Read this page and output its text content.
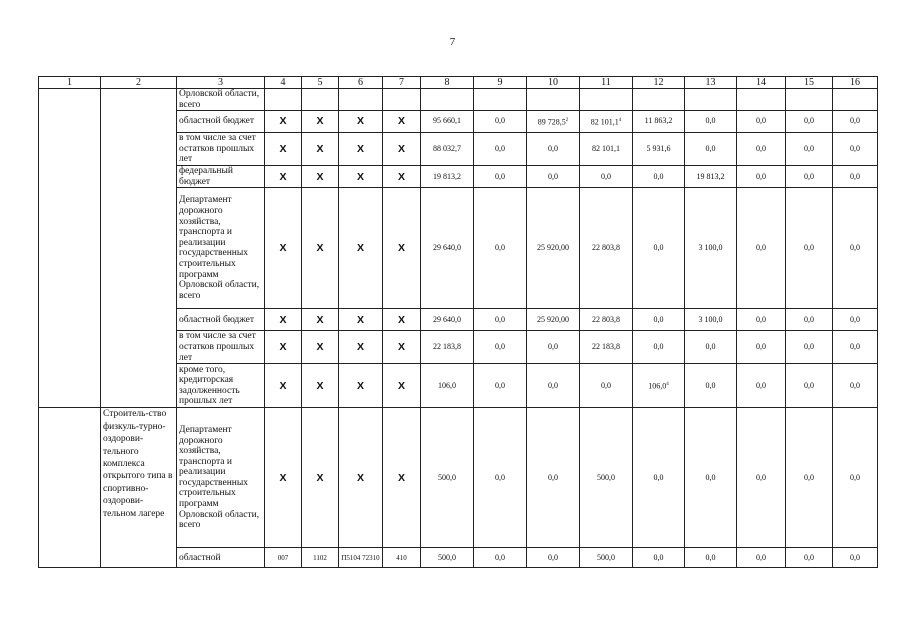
7
1	2	3	4	5	6	7	8	9	10	11	12	13	14	15	16
		Орловской области, всего													
		областной бюджет	X	X	X	X	95 660,1	0,0	89 728,5$^2$	82 101,1$^4$	11 863,2	0,0	0,0	0,0	0,0
		в том числе за счет остатков прошлых лет	X	X	X	X	88 032,7	0,0	0,0	82 101,1	5 931,6	0,0	0,0	0,0	0,0
		федеральный бюджет	X	X	X	X	19 813,2	0,0	0,0	0,0	0,0	19 813,2	0,0	0,0	0,0
		Департамент дорожного хозяйства, транспорта и реализации государственных строительных программ Орловской области, всего	X	X	X	X	29 640,0	0,0	25 920,00	22 803,8	0,0	3 100,0	0,0	0,0	0,0
		областной бюджет	X	X	X	X	29 640,0	0,0	25 920,00	22 803,8	0,0	3 100,0	0,0	0,0	0,0
		в том числе за счет остатков прошлых лет	X	X	X	X	22 183,8	0,0	0,0	22 183,8	0,0	0,0	0,0	0,0	0,0
		кроме того, кредиторская задолженность прошлых лет	X	X	X	X	106,0	0,0	0,0	0,0	106,0$^4$	0,0	0,0	0,0	0,0
	Строитель-ство физкуль-турно-оздорови-тельного комплекса открытого типа в спортивно-оздорови-тельном лагере	Департамент дорожного хозяйства, транспорта и реализации государственных строительных программ Орловской области, всего	X	X	X	X	500,0	0,0	0,0	500,0	0,0	0,0	0,0	0,0	0,0
		областной	007	1102	П5104 72310	410	500,0	0,0	0,0	500,0	0,0	0,0	0,0	0,0	0,0
